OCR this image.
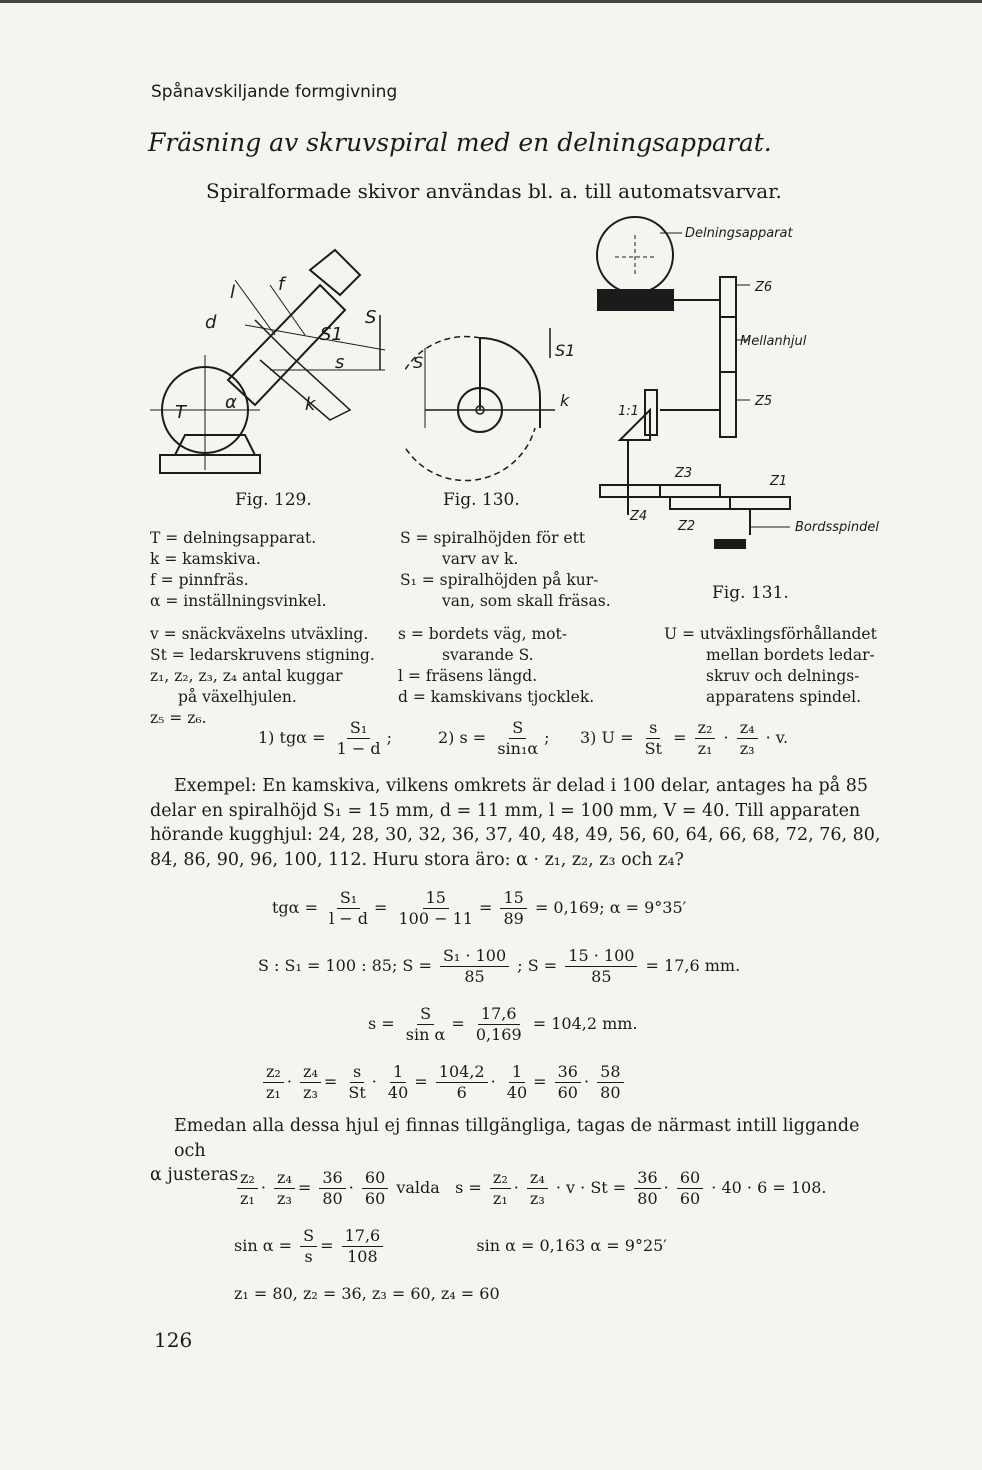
Spånavskiljande formgivning
Fräsning av skruvspiral med en delningsapparat.
Spiralformade skivor användas bl. a. till automatsvarvar.
l f
d	S
S1
s
T α	k
S
S1
k
Delningsapparat
Z6
Mellanhjul
Z5
1:1
Z3
Z1
Z4
Z2	Bordsspindel
Fig. 129.	Fig. 130.
Fig. 131.
T = delningsapparat.
k = kamskiva.
f = pinnfräs.
α = inställningsvinkel.
S = spiralhöjden för ett
varv av k.
S₁ = spiralhöjden på kur-
van, som skall fräsas.
v = snäckväxelns utväxling.
St = ledarskruvens stigning.
z₁, z₂, z₃, z₄ antal kuggar
på växelhjulen.
z₅ = z₆.
s = bordets väg, mot-
svarande S.
l = fräsens längd.
d = kamskivans tjocklek.
U = utväxlingsförhållandet
mellan bordets ledar-
skruv och delnings-
apparatens spindel.
1) $tg\alpha = \frac{\text{S₁}}{1 - d}$ ;	2) $s = \frac{S}{\text{sin₁α}}$ ; 3) $U = \frac{s}{St} = \frac{\text{z₂}}{\text{z₁}} \cdot \frac{\text{z₄}}{\text{z₃}} \cdot v$.
Exempel: En kamskiva, vilkens omkrets är delad i 100 delar, antages ha på 85
delar en spiralhöjd S₁ = 15 mm, d = 11 mm, l = 100 mm, V = 40. Till apparaten
hörande kugghjul: 24, 28, 30, 32, 36, 37, 40, 48, 49, 56, 60, 64, 66, 68, 72, 76, 80,
84, 86, 90, 96, 100, 112. Huru stora äro: α · z₁, z₂, z₃ och z₄?
$tg\alpha = \frac{\text{S₁}}{l - d} = \frac{15}{100 - 11} = \frac{15}{89} = 0,169$; α = 9°35′
S : S₁ = 100 : 85; $S = \frac{\text{S₁ · 100}}{85}$ ; $S = \frac{15 \cdot 100}{85} = 17,6$ mm.
$s = \frac{S}{\text{sin α}} = \frac{17,6}{0,169} = 104,2$ mm.
$\frac{\text{z₂}}{\text{z₁}} \cdot \frac{\text{z₄}}{\text{z₃}} = \frac{s}{St} \cdot \frac{1}{40} = \frac{104,2}{6} \cdot \frac{1}{40} = \frac{36}{60} \cdot \frac{58}{80}$
Emedan alla dessa hjul ej finnas tillgängliga, tagas de närmast intill liggande och
α justeras
$\frac{\text{z₂}}{\text{z₁}} \cdot \frac{\text{z₄}}{\text{z₃}} = \frac{36}{80} \cdot \frac{60}{60}$ valda $s = \frac{\text{z₂}}{\text{z₁}} \cdot \frac{\text{z₄}}{\text{z₃}} \cdot v \cdot St = \frac{36}{80} \cdot \frac{60}{60} \cdot 40 \cdot 6 = 108$.
$\sin \alpha = \frac{S}{s} = \frac{17,6}{108}$	sin α = 0,163 α = 9°25′
z₁ = 80, z₂ = 36, z₃ = 60, z₄ = 60
126
